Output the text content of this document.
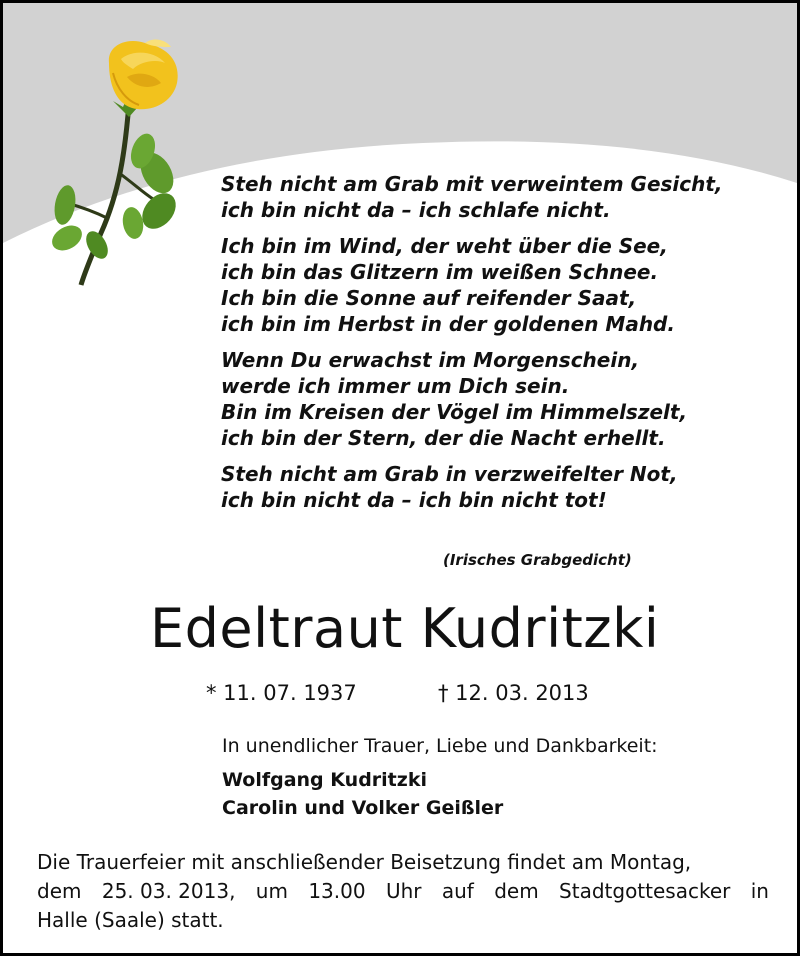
Steh nicht am Grab mit verweintem Gesicht,
ich bin nicht da – ich schlafe nicht.
Ich bin im Wind, der weht über die See,
ich bin das Glitzern im weißen Schnee.
Ich bin die Sonne auf reifender Saat,
ich bin im Herbst in der goldenen Mahd.
Wenn Du erwachst im Morgenschein,
werde ich immer um Dich sein.
Bin im Kreisen der Vögel im Himmelszelt,
ich bin der Stern, der die Nacht erhellt.
Steh nicht am Grab in verzweifelter Not,
ich bin nicht da – ich bin nicht tot!
(Irisches Grabgedicht)
Edeltraut Kudritzki
* 11. 07. 1937	† 12. 03. 2013
In unendlicher Trauer, Liebe und Dankbarkeit:
Wolfgang Kudritzki
Carolin und Volker Geißler
Die Trauerfeier mit anschließender Beisetzung findet am Montag,
dem 25. 03. 2013, um 13.00 Uhr auf dem Stadtgottesacker in
Halle (Saale) statt.
